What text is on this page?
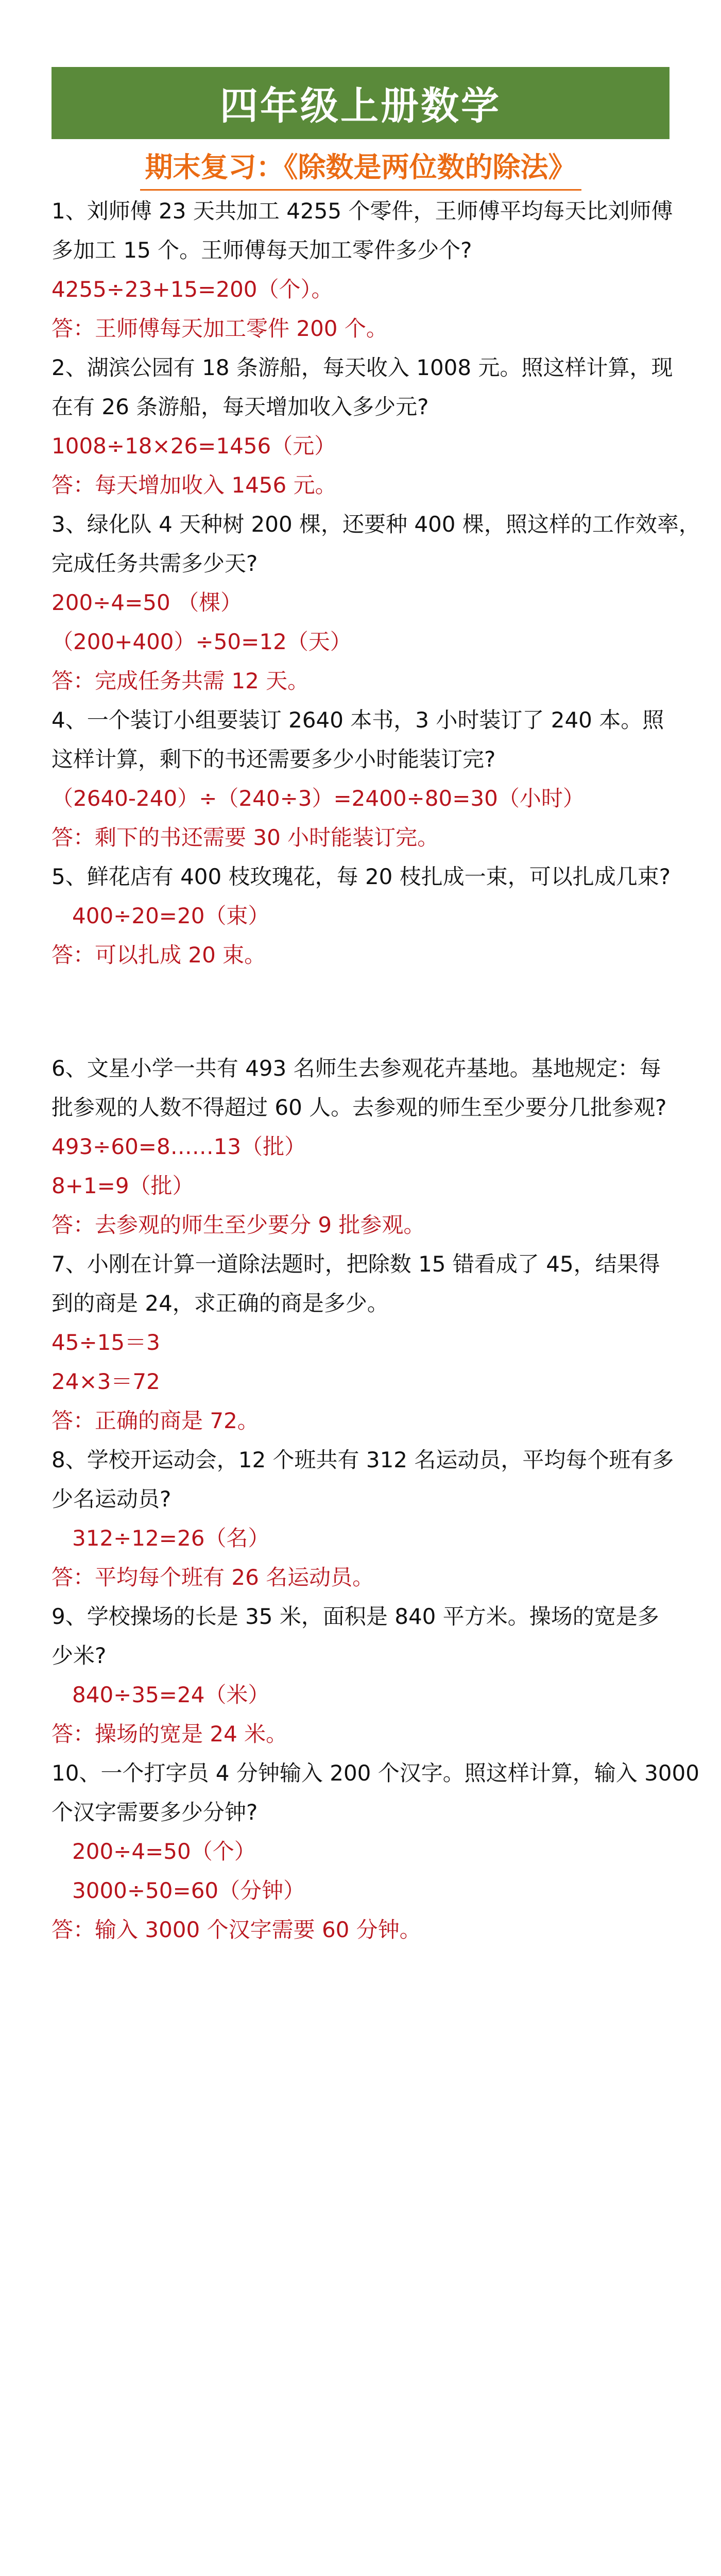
四年级上册数学
期末复习：《除数是两位数的除法》
1、刘师傅 23 天共加工 4255 个零件，王师傅平均每天比刘师傅
多加工 15 个。王师傅每天加工零件多少个?
4255÷23+15=200（个）。
答：王师傅每天加工零件 200 个。
2、湖滨公园有 18 条游船，每天收入 1008 元。照这样计算，现
在有 26 条游船，每天增加收入多少元?
1008÷18×26=1456（元）
答：每天增加收入 1456 元。
3、绿化队 4 天种树 200 棵，还要种 400 棵，照这样的工作效率，
完成任务共需多少天?
200÷4=50 （棵）
（200+400）÷50=12（天）
答：完成任务共需 12 天。
4、一个装订小组要装订 2640 本书，3 小时装订了 240 本。照
这样计算，剩下的书还需要多少小时能装订完?
（2640-240）÷（240÷3）=2400÷80=30（小时）
答：剩下的书还需要 30 小时能装订完。
5、鲜花店有 400 枝玫瑰花，每 20 枝扎成一束，可以扎成几束?
400÷20=20（束）
答：可以扎成 20 束。
6、文星小学一共有 493 名师生去参观花卉基地。基地规定：每
批参观的人数不得超过 60 人。去参观的师生至少要分几批参观?
493÷60=8……13（批）
8+1=9（批）
答：去参观的师生至少要分 9 批参观。
7、小刚在计算一道除法题时，把除数 15 错看成了 45，结果得
到的商是 24，求正确的商是多少。
45÷15＝3
24×3＝72
答：正确的商是 72。
8、学校开运动会，12 个班共有 312 名运动员，平均每个班有多
少名运动员?
312÷12=26（名）
答：平均每个班有 26 名运动员。
9、学校操场的长是 35 米，面积是 840 平方米。操场的宽是多
少米?
840÷35=24（米）
答：操场的宽是 24 米。
10、一个打字员 4 分钟输入 200 个汉字。照这样计算，输入 3000
个汉字需要多少分钟?
200÷4=50（个）
3000÷50=60（分钟）
答：输入 3000 个汉字需要 60 分钟。
